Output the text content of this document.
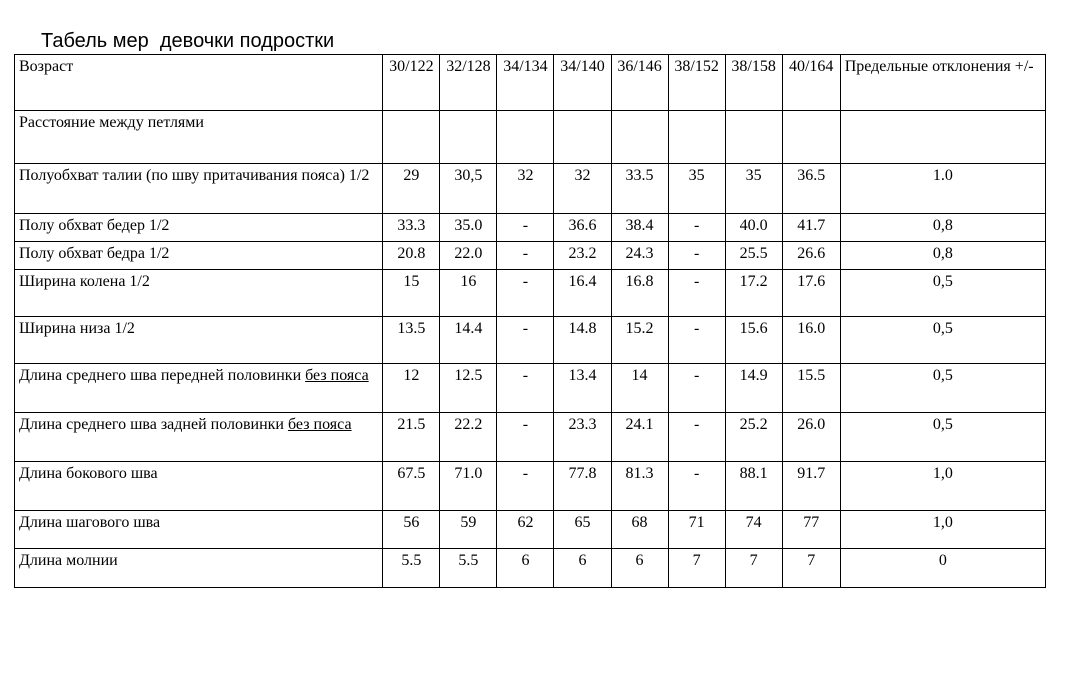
Табель мер  девочки подростки
Возраст	30/122	32/128	34/134	34/140	36/146	38/152	38/158	40/164	Предельные отклонения +/-
Расстояние между петлями									
Полуобхват талии (по шву притачивания пояса) 1/2	29	30,5	32	32	33.5	35	35	36.5	1.0
Полу обхват бедер 1/2	33.3	35.0	-	36.6	38.4	-	40.0	41.7	0,8
Полу обхват бедра 1/2	20.8	22.0	-	23.2	24.3	-	25.5	26.6	0,8
Ширина колена 1/2	15	16	-	16.4	16.8	-	17.2	17.6	0,5
Ширина низа 1/2	13.5	14.4	-	14.8	15.2	-	15.6	16.0	0,5
Длина среднего шва передней половинки без пояса	12	12.5	-	13.4	14	-	14.9	15.5	0,5
Длина среднего шва задней половинки без пояса	21.5	22.2	-	23.3	24.1	-	25.2	26.0	0,5
Длина бокового шва	67.5	71.0	-	77.8	81.3	-	88.1	91.7	1,0
Длина шагового шва	56	59	62	65	68	71	74	77	1,0
Длина молнии	5.5	5.5	6	6	6	7	7	7	0
